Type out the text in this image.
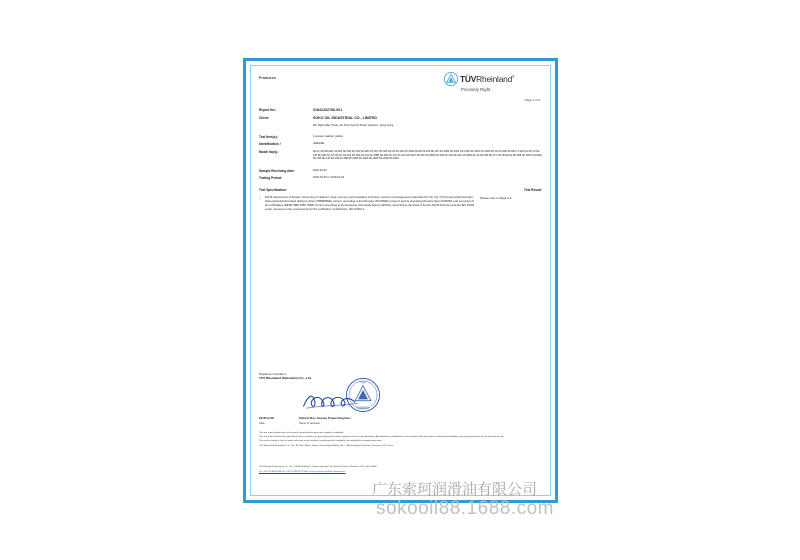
Produces	TÜVRheinland®
Precisely Right.
Page 1 of 9
Report No.:	01841232786-001
Client:	SOKO OIL INDUSTRIAL CO., LIMITED
8/F, Right Way Tower, No.33 Kong Koh Road, Kowloon, Hong Kong
Test Item(s):	1 grease material, yellow
Identification /	GREASE
Model No(s).:	SK-11 SK-016-001 SK-002 SK-003 SK-001 SK-025 CH-007 CH-300 SO-25 SK-200 CK-2000 AK-08 KK-100 SK-007 AK-2005 SK-1001 SK-2100 SK-1001 CK-2005 KK-02 CK-005 SK-0011 1 SKS-01 SS-73 SK-133 SK-180 SK-147 AK-01 CK-200 SK-180 GK-110 SK-0085 SK-180 SK-137 SK-210 SK-0007 SK-220 SK-0505 SK-000 SK-132 SK-101 SK-0005 SK-10 SK-250 SK-277 CH-08 SK-02 SK-008 SK-0030 CH-0020 SK-330 SK-133 SK-199 SK-188 SK-2000 SK-2000 SK-2000 SK-2000 SK-0010
Sample Receiving date:	2018-03-30
Testing Period:	2018-03-30 to 2018-04-02
Test Specification:	Test Result:
• RoHS Assessment of Articles: Screening of cadmium, lead, mercury and hexavalent chromium content in homogeneous materials (Cd, Pb, Hg, Cr(VI)) and polybrominated biphenyls/polybrominated diphenyl ethers (PBB/PBDE) content, according to EU Directive 2011/65/EU Annex II and its amending Directive (EU) 2015/863, and screening of four phthalates (DEHP, BBP, DBP, DIBP) content according to the European Chemicals Agency (ECHA), according to the limits of the EU RoHS Directive and the IEC 62321 series, Annexes to the requirements for the verification of definitions, IEC 62321-1.
Please refer to Page 2-9
Prepared on behalf of
TÜV Rheinland (Shenzhen) Co., Ltd.
TUV
SHENZHEN
2018-04-08	Patrick Woo, Deputy Project Engineer
Date	Name of reviewer

This test report relates only to the item(s) tested and the particular sample(s) submitted.

This test report shall not be reproduced, either in whole or in part, without prior written approval of the issuing laboratory. Any alteration or falsification of the content of this test report is unlawful and offenders may be prosecuted to the full extent of the law.

The results shown in this test report refer only to the sample(s) tested and such sample(s) are retained for a limited period only.

TÜV Rheinland (Shenzhen) Co., Ltd., 3/F, East Block, Jiuzhou Technology Building, No. 1, Mid Keji Road, Nanshan, Shenzhen, P.R. China

TÜV Rheinland (Shenzhen) Co., Ltd. • 1/F-3/F, Building 2, Jiuzhou Industrial Park, Nanshan District, Shenzhen, P.R. China 518057

Tel.: +86 755 8828 0888 Fax: +86 755 8828 0777 Mail: service-sz@tuv.com Web: www.tuv.com

广东索珂润滑油有限公司
sokooil88.1688.com
